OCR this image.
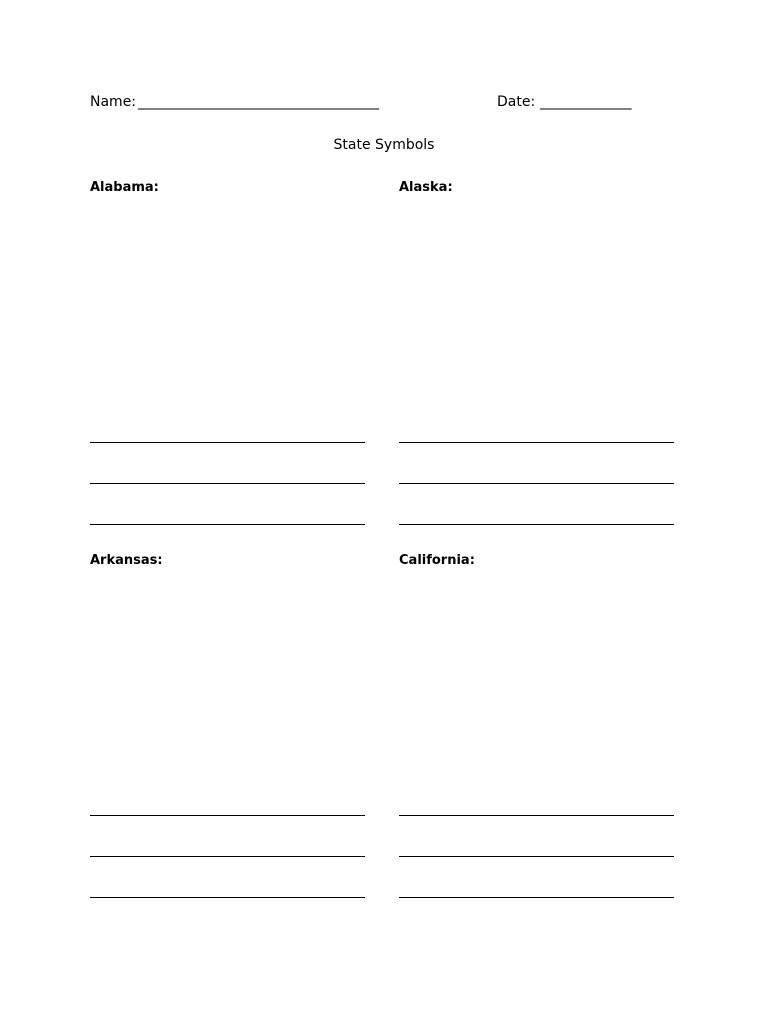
Name: _____________________________________	Date: ______________
State Symbols
Alabama:	Alaska:
Arkansas:	California:
